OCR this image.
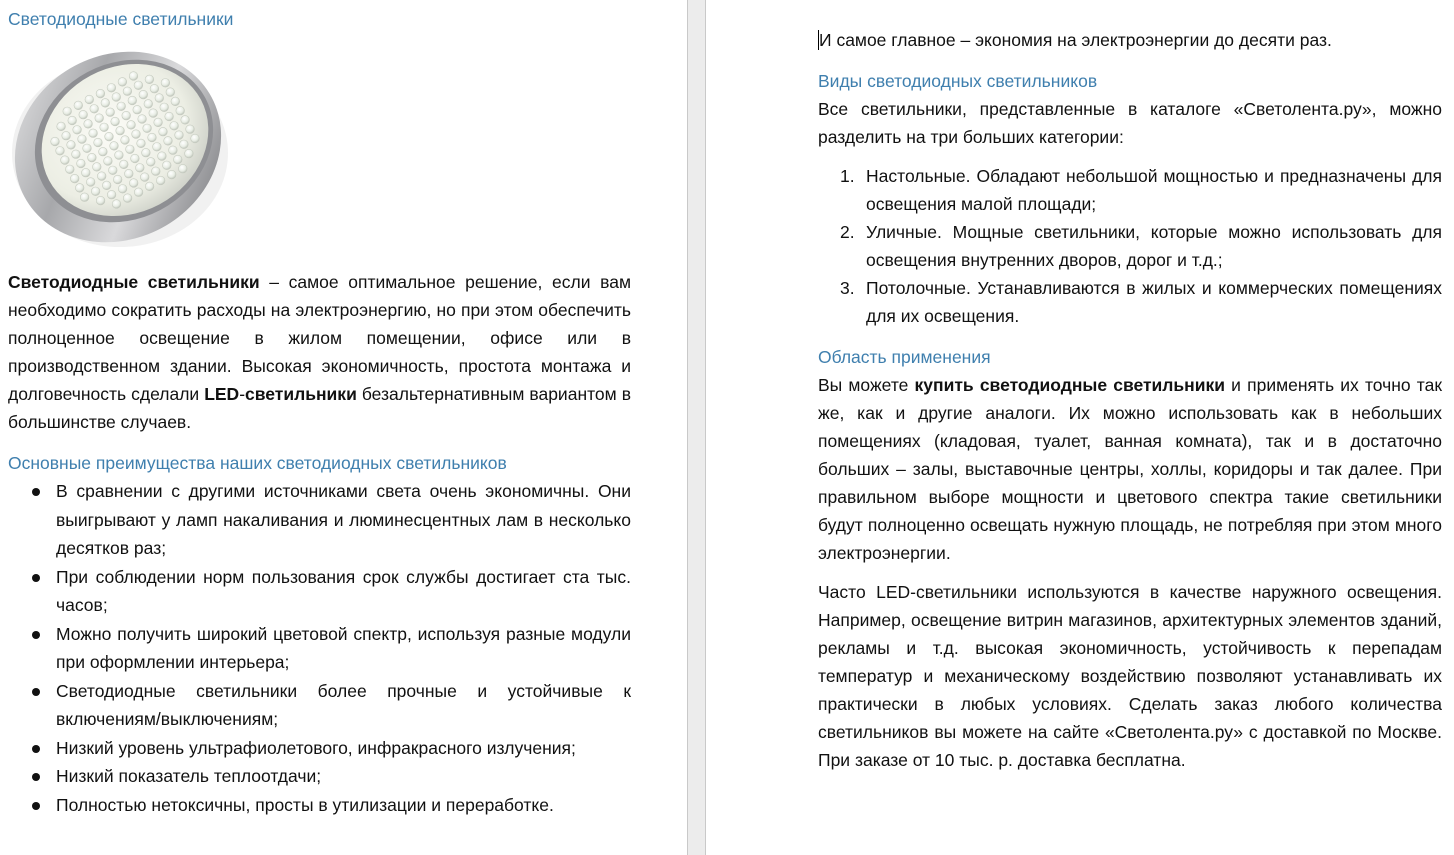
Светодиодные светильники

Светодиодные светильники – самое оптимальное решение, если вам необходимо сократить расходы на электроэнергию, но при этом обеспечить полноценное освещение в жилом помещении, офисе или в производственном здании. Высокая экономичность, простота монтажа и долговечность сделали LED-светильники безальтернативным вариантом в большинстве случаев.

Основные преимущества наших светодиодных светильников
В сравнении с другими источниками света очень экономичны. Они выигрывают у ламп накаливания и люминесцентных лам в несколько десятков раз;
При соблюдении норм пользования срок службы достигает ста тыс. часов;
Можно получить широкий цветовой спектр, используя разные модули при оформлении интерьера;
Светодиодные светильники более прочные и устойчивые к включениям/выключениям;
Низкий уровень ультрафиолетового, инфракрасного излучения;
Низкий показатель теплоотдачи;
Полностью нетоксичны, просты в утилизации и переработке.

И самое главное – экономия на электроэнергии до десяти раз.

Виды светодиодных светильников

Все светильники, представленные в каталоге «Светолента.ру», можно разделить на три больших категории:

1. Настольные. Обладают небольшой мощностью и предназначены для освещения малой площади;
2. Уличные. Мощные светильники, которые можно использовать для освещения внутренних дворов, дорог и т.д.;
3. Потолочные. Устанавливаются в жилых и коммерческих помещениях для их освещения.
Область применения

Вы можете купить светодиодные светильники и применять их точно так же, как и другие аналоги. Их можно использовать как в небольших помещениях (кладовая, туалет, ванная комната), так и в достаточно больших – залы, выставочные центры, холлы, коридоры и так далее. При правильном выборе мощности и цветового спектра такие светильники будут полноценно освещать нужную площадь, не потребляя при этом много электроэнергии.

Часто LED-светильники используются в качестве наружного освещения. Например, освещение витрин магазинов, архитектурных элементов зданий, рекламы и т.д. высокая экономичность, устойчивость к перепадам температур и механическому воздействию позволяют устанавливать их практически в любых условиях. Сделать заказ любого количества светильников вы можете на сайте «Светолента.ру» с доставкой по Москве. При заказе от 10 тыс. р. доставка бесплатна.
